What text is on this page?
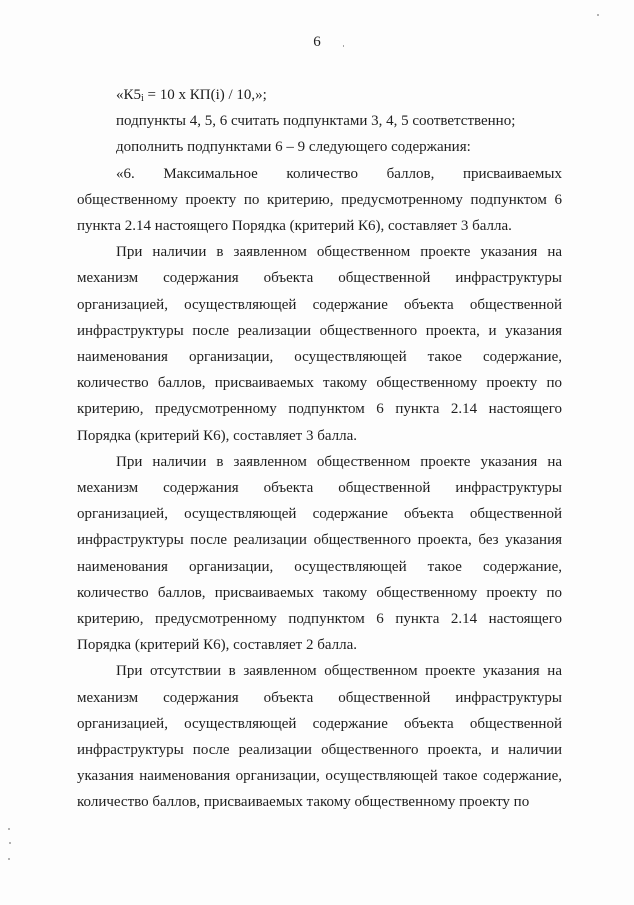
6

«$К5_i = 10$ х КП(i) / 10,»;

подпункты 4, 5, 6 считать подпунктами 3, 4, 5 соответственно;

дополнить подпунктами 6 – 9 следующего содержания:

«6. Максимальное количество баллов, присваиваемых общественному проекту по критерию, предусмотренному подпунктом 6 пункта 2.14 настоящего Порядка (критерий К6), составляет 3 балла.

При наличии в заявленном общественном проекте указания на механизм содержания объекта общественной инфраструктуры организацией, осуществляющей содержание объекта общественной инфраструктуры после реализации общественного проекта, и указания наименования организации, осуществляющей такое содержание, количество баллов, присваиваемых такому общественному проекту по критерию, предусмотренному подпунктом 6 пункта 2.14 настоящего Порядка (критерий К6), составляет 3 балла.

При наличии в заявленном общественном проекте указания на механизм содержания объекта общественной инфраструктуры организацией, осуществляющей содержание объекта общественной инфраструктуры после реализации общественного проекта, без указания наименования организации, осуществляющей такое содержание, количество баллов, присваиваемых такому общественному проекту по критерию, предусмотренному подпунктом 6 пункта 2.14 настоящего Порядка (критерий К6), составляет 2 балла.

При отсутствии в заявленном общественном проекте указания на механизм содержания объекта общественной инфраструктуры организацией, осуществляющей содержание объекта общественной инфраструктуры после реализации общественного проекта, и наличии указания наименования организации, осуществляющей такое содержание, количество баллов, присваиваемых такому общественному проекту по
